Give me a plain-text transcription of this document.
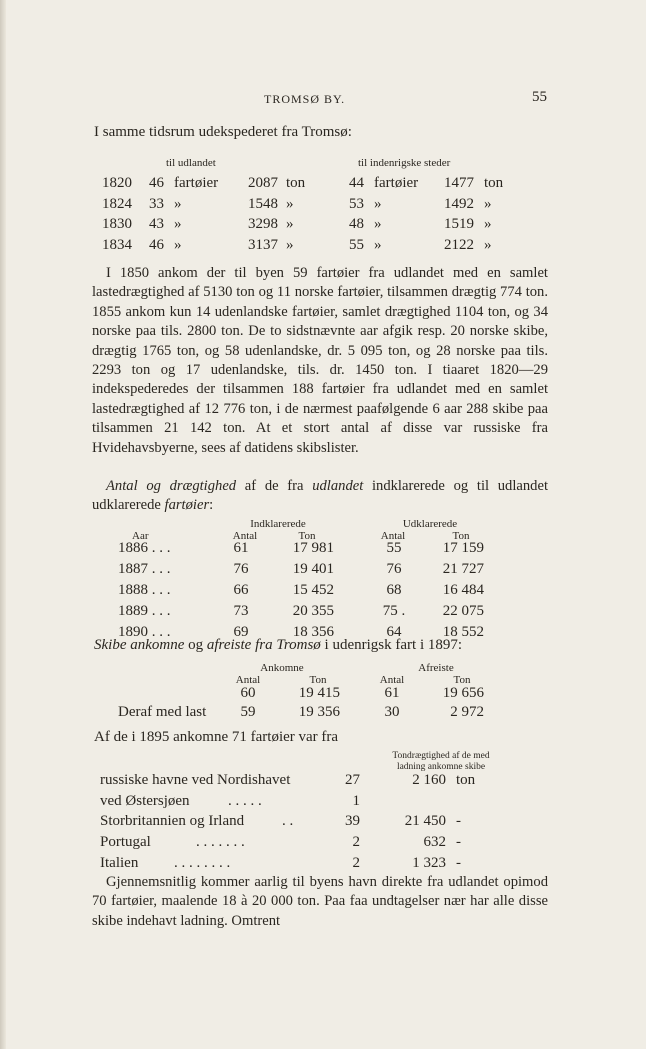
TROMSØ BY.	55
I samme tidsrum udekspederet fra Tromsø:
til udlandet	til indenrigske steder
1820	46 fartøier	2087 ton	44 fartøier	1477 ton
1824	33 »	1548 »	53 »	1492 »
1830	43 »	3298 »	48 »	1519 »
1834	46 »	3137 »	55 »	2122 »

I 1850 ankom der til byen 59 fartøier fra udlandet med en samlet lastedrægtighed af 5130 ton og 11 norske fartøier, tilsammen drægtig 774 ton. 1855 ankom kun 14 udenlandske fartøier, samlet drægtighed 1104 ton, og 34 norske paa tils. 2800 ton. De to sidstnævnte aar afgik resp. 20 norske skibe, drægtig 1765 ton, og 58 udenlandske, dr. 5 095 ton, og 28 norske paa tils. 2293 ton og 17 udenlandske, tils. dr. 1450 ton. I tiaaret 1820—29 indekspederedes der tilsammen 188 fartøier fra udlandet med en samlet lastedrægtighed af 12 776 ton, i de nærmest paafølgende 6 aar 288 skibe paa tilsammen 21 142 ton. At et stort antal af disse var russiske fra Hvidehavsbyerne, sees af datidens skibslister.

Antal og drægtighed af de fra udlandet indklarerede og til udlandet udklarerede fartøier:

Indklarerede	Udklarerede
Aar	Antal	Ton	Antal	Ton
1886 . . .	61	17 981	55	17 159
1887 . . .	76	19 401	76	21 727
1888 . . .	66	15 452	68	16 484
1889 . . .	73	20 355	75 .	22 075
1890 . . .	69	18 356	64	18 552
Skibe ankomne og afreiste fra Tromsø i udenrigsk fart i 1897:
Ankomne	Afreiste
Antal	Ton	Antal	Ton
60	19 415	61	19 656
Deraf med last	59	19 356	30	2 972
Af de i 1895 ankomne 71 fartøier var fra
Tondrægtighed af de med
ladning ankomne skibe
russiske havne ved Nordishavet	27	2 160 ton
ved Østersjøen	. . . . .	1
Storbritannien og Irland	. .	39	21 450 -
Portugal	. . . . . . .	2	632 -
Italien . . . . . . . .	2	1 323 -

Gjennemsnitlig kommer aarlig til byens havn direkte fra udlandet opimod 70 fartøier, maalende 18 à 20 000 ton. Paa faa undtagelser nær har alle disse skibe indehavt ladning. Omtrent
